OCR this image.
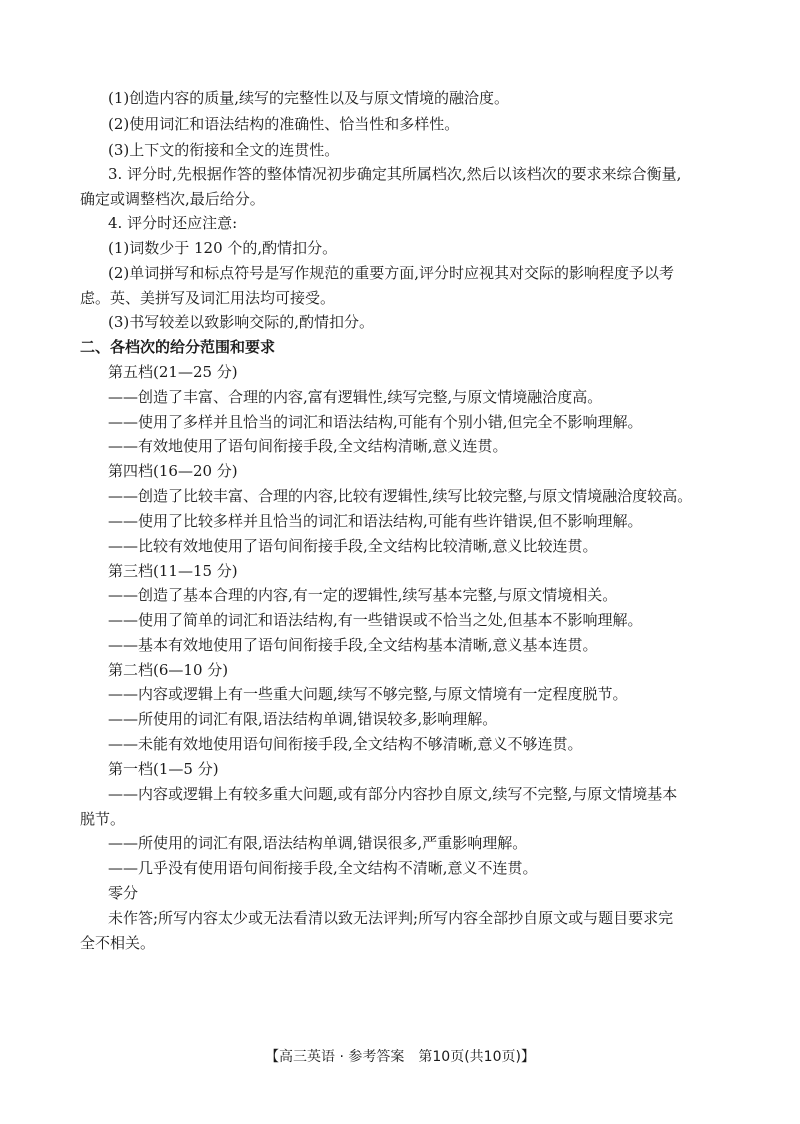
(1)创造内容的质量,续写的完整性以及与原文情境的融洽度。
(2)使用词汇和语法结构的准确性、恰当性和多样性。
(3)上下文的衔接和全文的连贯性。
3. 评分时,先根据作答的整体情况初步确定其所属档次,然后以该档次的要求来综合衡量,
确定或调整档次,最后给分。
4. 评分时还应注意:
(1)词数少于 120 个的,酌情扣分。
(2)单词拼写和标点符号是写作规范的重要方面,评分时应视其对交际的影响程度予以考
虑。英、美拼写及词汇用法均可接受。
(3)书写较差以致影响交际的,酌情扣分。
二、各档次的给分范围和要求
第五档(21—25 分)
——创造了丰富、合理的内容,富有逻辑性,续写完整,与原文情境融洽度高。
——使用了多样并且恰当的词汇和语法结构,可能有个别小错,但完全不影响理解。
——有效地使用了语句间衔接手段,全文结构清晰,意义连贯。
第四档(16—20 分)
——创造了比较丰富、合理的内容,比较有逻辑性,续写比较完整,与原文情境融洽度较高。
——使用了比较多样并且恰当的词汇和语法结构,可能有些许错误,但不影响理解。
——比较有效地使用了语句间衔接手段,全文结构比较清晰,意义比较连贯。
第三档(11—15 分)
——创造了基本合理的内容,有一定的逻辑性,续写基本完整,与原文情境相关。
——使用了简单的词汇和语法结构,有一些错误或不恰当之处,但基本不影响理解。
——基本有效地使用了语句间衔接手段,全文结构基本清晰,意义基本连贯。
第二档(6—10 分)
——内容或逻辑上有一些重大问题,续写不够完整,与原文情境有一定程度脱节。
——所使用的词汇有限,语法结构单调,错误较多,影响理解。
——未能有效地使用语句间衔接手段,全文结构不够清晰,意义不够连贯。
第一档(1—5 分)
——内容或逻辑上有较多重大问题,或有部分内容抄自原文,续写不完整,与原文情境基本
脱节。
——所使用的词汇有限,语法结构单调,错误很多,严重影响理解。
——几乎没有使用语句间衔接手段,全文结构不清晰,意义不连贯。
零分
未作答;所写内容太少或无法看清以致无法评判;所写内容全部抄自原文或与题目要求完
全不相关。
【高三英语 · 参考答案　第10页(共10页)】
